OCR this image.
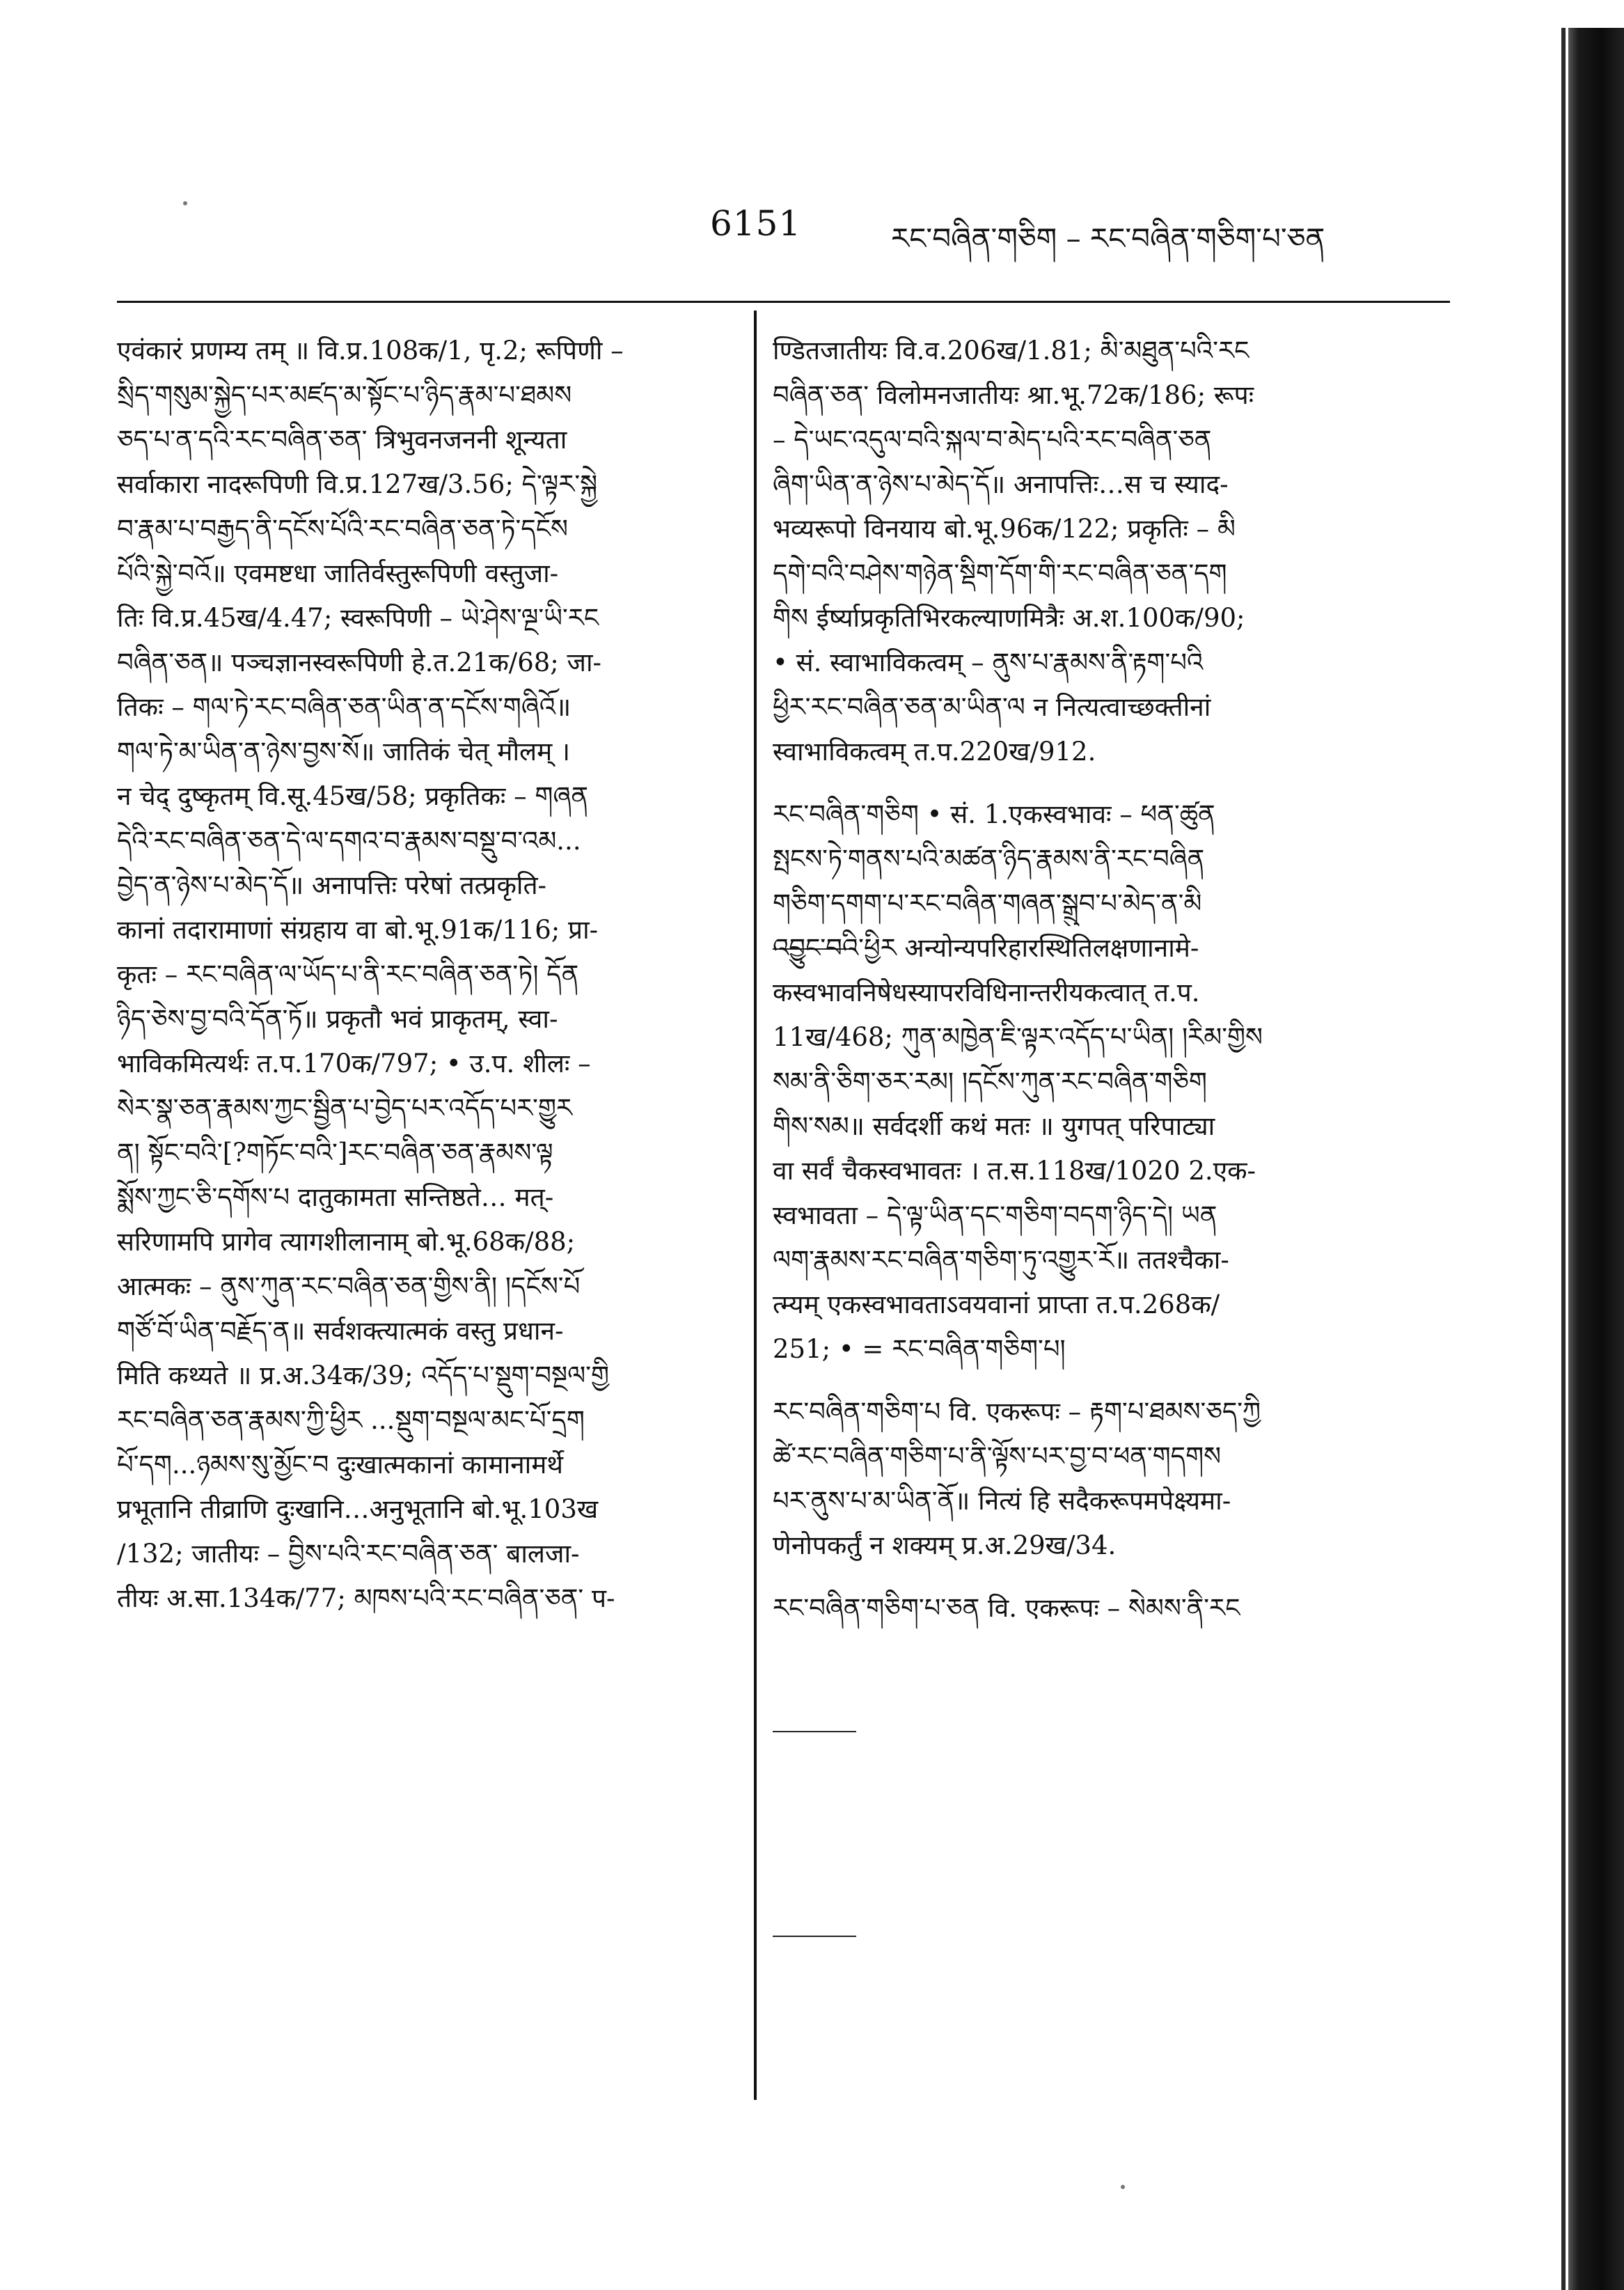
6151	རང་བཞིན་གཅིག – རང་བཞིན་གཅིག་པ་ཅན
एवंकारं प्रणम्य तम् ॥ वि.प्र.108क/1, पृ.2; रूपिणी –
སྲིད་གསུམ་སྐྱེད་པར་མཛད་མ་སྟོང་པ་ཉིད་རྣམ་པ་ཐམས
ཅད་པ་ན་དའི་རང་བཞིན་ཅན་ त्रिभुवनजननी शून्यता
सर्वाकारा नादरूपिणी वि.प्र.127ख/3.56; དེ་ལྟར་སྐྱེ
བ་རྣམ་པ་བརྒྱད་ནི་དངོས་པོའི་རང་བཞིན་ཅན་ཏེ་དངོས
པོའི་སྐྱེ་བའོ॥ एवमष्टधा जातिर्वस्तुरूपिणी वस्तुजा-
तिः वि.प्र.45ख/4.47; स्वरूपिणी – ཡེ་ཤེས་ལྔ་ཡི་རང
བཞིན་ཅན॥ पञ्चज्ञानस्वरूपिणी हे.त.21क/68; जा-
तिकः – གལ་ཏེ་རང་བཞིན་ཅན་ཡིན་ན་དངོས་གཞིའོ॥
གལ་ཏེ་མ་ཡིན་ན་ཉེས་བྱས་སོ॥ जातिकं चेत् मौलम् ।
न चेद् दुष्कृतम् वि.सू.45ख/58; प्रकृतिकः – གཞན
དེའི་རང་བཞིན་ཅན་དེ་ལ་དགའ་བ་རྣམས་བསྡུ་བ་འམ...
བྱེད་ན་ཉེས་པ་མེད་དོ॥ अनापत्तिः परेषां तत्प्रकृति-
कानां तदारामाणां संग्रहाय वा बो.भू.91क/116; प्रा-
कृतः – རང་བཞིན་ལ་ཡོད་པ་ནི་རང་བཞིན་ཅན་ཏེ། དོན
ཉིད་ཅེས་བྱ་བའི་དོན་ཏོ॥ प्रकृतौ भवं प्राकृतम्, स्वा-
भाविकमित्यर्थः त.प.170क/797; • उ.प. शीलः –
སེར་སྣ་ཅན་རྣམས་ཀྱང་སྦྱིན་པ་བྱེད་པར་འདོད་པར་གྱུར
ན། སྟོང་བའི་[?གཏོང་བའི་]རང་བཞིན་ཅན་རྣམས་ལྟ
སྨོས་ཀྱང་ཅི་དགོས་པ दातुकामता सन्तिष्ठते… मत्-
सरिणामपि प्रागेव त्यागशीलानाम् बो.भू.68क/88;
आत्मकः – ནུས་ཀུན་རང་བཞིན་ཅན་གྱིས་ནི། །དངོས་པོ
གཙོ་བོ་ཡིན་བརྗོད་ན॥ सर्वशक्त्यात्मकं वस्तु प्रधान-
मिति कथ्यते ॥ प्र.अ.34क/39; འདོད་པ་སྡུག་བསྔལ་གྱི
རང་བཞིན་ཅན་རྣམས་ཀྱི་ཕྱིར ...སྡུག་བསྔལ་མང་པོ་དྲག
པོ་དག...ཉམས་སུ་མྱོང་བ दुःखात्मकानां कामानामर्थे
प्रभूतानि तीव्राणि दुःखानि…अनुभूतानि बो.भू.103ख
/132; जातीयः – བྱིས་པའི་རང་བཞིན་ཅན་ बालजा-
तीयः अ.सा.134क/77; མཁས་པའི་རང་བཞིན་ཅན་ प-
ण्डितजातीयः वि.व.206ख/1.81; མི་མཐུན་པའི་རང
བཞིན་ཅན་ विलोमनजातीयः श्रा.भू.72क/186; रूपः
– དེ་ཡང་འདུལ་བའི་སྐལ་བ་མེད་པའི་རང་བཞིན་ཅན
ཞིག་ཡིན་ན་ཉེས་པ་མེད་དོ॥ अनापत्तिः…स च स्याद-
भव्यरूपो विनयाय बो.भू.96क/122; प्रकृतिः – མི
དགེ་བའི་བཤེས་གཉེན་སྡིག་དོག་གི་རང་བཞིན་ཅན་དག
གིས ईर्ष्याप्रकृतिभिरकल्याणमित्रैः अ.श.100क/90;
• सं. स्वाभाविकत्वम् – ནུས་པ་རྣམས་ནི་རྟག་པའི
ཕྱིར་རང་བཞིན་ཅན་མ་ཡིན་ལ न नित्यत्वाच्छक्तीनां
स्वाभाविकत्वम् त.प.220ख/912.
རང་བཞིན་གཅིག • सं. 1.एकस्वभावः – ཕན་ཚུན
སྤངས་ཏེ་གནས་པའི་མཚན་ཉིད་རྣམས་ནི་རང་བཞིན
གཅིག་དགག་པ་རང་བཞིན་གཞན་སྒྲུབ་པ་མེད་ན་མི
འབྱུང་བའི་ཕྱིར अन्योन्यपरिहारस्थितिलक्षणानामे-
कस्वभावनिषेधस्यापरविधिनान्तरीयकत्वात् त.प.
11ख/468; ཀུན་མཁྱེན་ཇི་ལྟར་འདོད་པ་ཡིན། །རིམ་གྱིས
སམ་ནི་ཅིག་ཅར་རམ། །དངོས་ཀུན་རང་བཞིན་གཅིག
གིས་སམ॥ सर्वदर्शी कथं मतः ॥ युगपत् परिपाट्या
वा सर्वं चैकस्वभावतः । त.स.118ख/1020 2.एक-
स्वभावता – དེ་ལྟ་ཡིན་དང་གཅིག་བདག་ཉིད་དེ། ཡན
ལག་རྣམས་རང་བཞིན་གཅིག་ཏུ་འགྱུར་རོ॥ ततश्चैका-
त्म्यम् एकस्वभावताऽवयवानां प्राप्ता त.प.268क/
251; • = རང་བཞིན་གཅིག་པ།
རང་བཞིན་གཅིག་པ वि. एकरूपः – རྟག་པ་ཐམས་ཅད་ཀྱི
ཚེ་རང་བཞིན་གཅིག་པ་ནི་ལྟོས་པར་བྱ་བ་ཕན་གདགས
པར་ནུས་པ་མ་ཡིན་ནོ॥ नित्यं हि सदैकरूपमपेक्ष्यमा-
णेनोपकर्तुं न शक्यम् प्र.अ.29ख/34.
རང་བཞིན་གཅིག་པ་ཅན वि. एकरूपः – སེམས་ནི་རང
